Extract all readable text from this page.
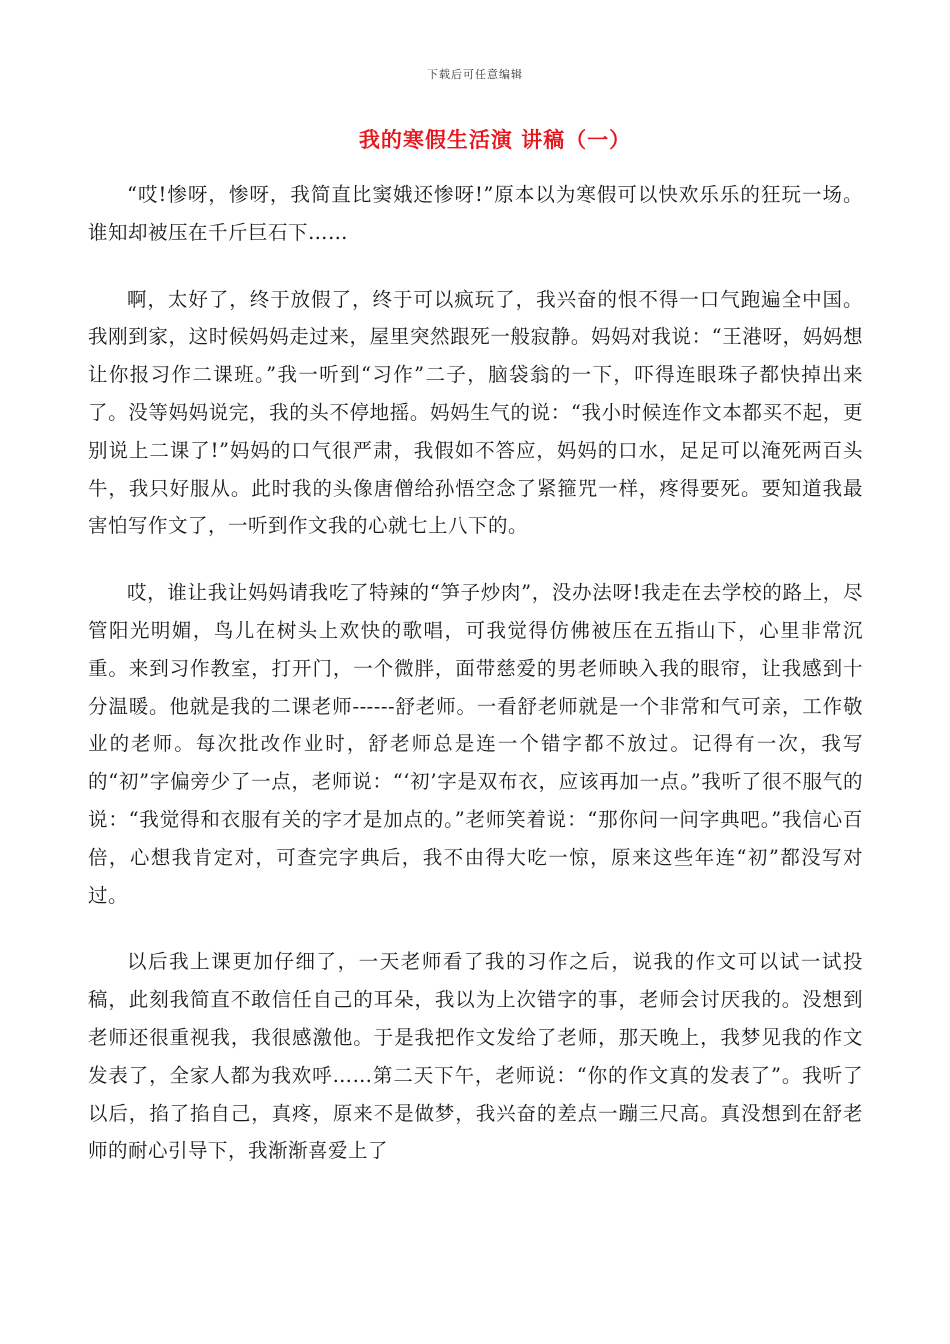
下载后可任意编辑
我的寒假生活演 讲稿（一）

“哎!惨呀，惨呀，我简直比窦娥还惨呀!”原本以为寒假可以快欢乐乐的狂玩一场。谁知却被压在千斤巨石下……

啊，太好了，终于放假了，终于可以疯玩了，我兴奋的恨不得一口气跑遍全中国。我刚到家，这时候妈妈走过来，屋里突然跟死一般寂静。妈妈对我说：“王港呀，妈妈想让你报习作二课班。”我一听到“习作”二子，脑袋翁的一下，吓得连眼珠子都快掉出来了。没等妈妈说完，我的头不停地摇。妈妈生气的说：“我小时候连作文本都买不起，更别说上二课了!”妈妈的口气很严肃，我假如不答应，妈妈的口水，足足可以淹死两百头牛，我只好服从。此时我的头像唐僧给孙悟空念了紧箍咒一样，疼得要死。要知道我最害怕写作文了，一听到作文我的心就七上八下的。

哎，谁让我让妈妈请我吃了特辣的“笋子炒肉”，没办法呀!我走在去学校的路上，尽管阳光明媚，鸟儿在树头上欢快的歌唱，可我觉得仿佛被压在五指山下，心里非常沉重。来到习作教室，打开门，一个微胖，面带慈爱的男老师映入我的眼帘，让我感到十分温暖。他就是我的二课老师------舒老师。一看舒老师就是一个非常和气可亲，工作敬业的老师。每次批改作业时，舒老师总是连一个错字都不放过。记得有一次，我写的“初”字偏旁少了一点，老师说：“‘初’字是双布衣，应该再加一点。”我听了很不服气的说：“我觉得和衣服有关的字才是加点的。”老师笑着说：“那你问一问字典吧。”我信心百倍，心想我肯定对，可查完字典后，我不由得大吃一惊，原来这些年连“初”都没写对过。

以后我上课更加仔细了，一天老师看了我的习作之后，说我的作文可以试一试投稿，此刻我简直不敢信任自己的耳朵，我以为上次错字的事，老师会讨厌我的。没想到老师还很重视我，我很感激他。于是我把作文发给了老师，那天晚上，我梦见我的作文发表了，全家人都为我欢呼……第二天下午，老师说：“你的作文真的发表了”。我听了以后，掐了掐自己，真疼，原来不是做梦，我兴奋的差点一蹦三尺高。真没想到在舒老师的耐心引导下，我渐渐喜爱上了
